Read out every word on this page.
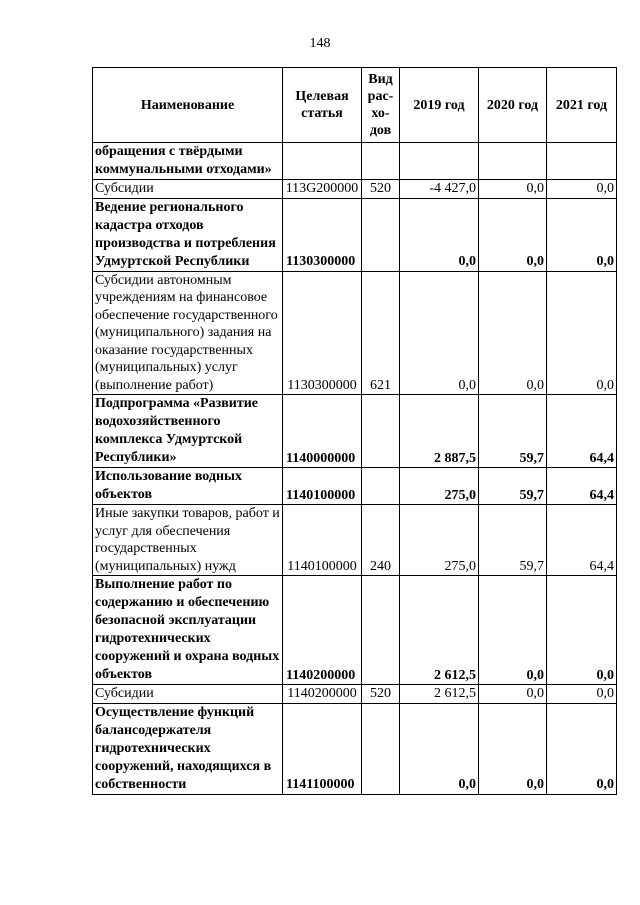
148
Наименование	Целевая статья	Вид рас-хо-дов	2019 год	2020 год	2021 год
обращения с твёрдыми коммунальными отходами»					
Субсидии	113G200000	520	-4 427,0	0,0	0,0
Ведение регионального кадастра отходов производства и потребления Удмуртской Республики	1130300000		0,0	0,0	0,0
Субсидии автономным учреждениям на финансовое обеспечение государственного (муниципального) задания на оказание государственных (муниципальных) услуг (выполнение работ)	1130300000	621	0,0	0,0	0,0
Подпрограмма «Развитие водохозяйственного комплекса Удмуртской Республики»	1140000000		2 887,5	59,7	64,4
Использование водных объектов	1140100000		275,0	59,7	64,4
Иные закупки товаров, работ и услуг для обеспечения государственных (муниципальных) нужд	1140100000	240	275,0	59,7	64,4
Выполнение работ по содержанию и обеспечению безопасной эксплуатации гидротехнических сооружений и охрана водных объектов	1140200000		2 612,5	0,0	0,0
Субсидии	1140200000	520	2 612,5	0,0	0,0
Осуществление функций балансодержателя гидротехнических сооружений, находящихся в собственности	1141100000		0,0	0,0	0,0
